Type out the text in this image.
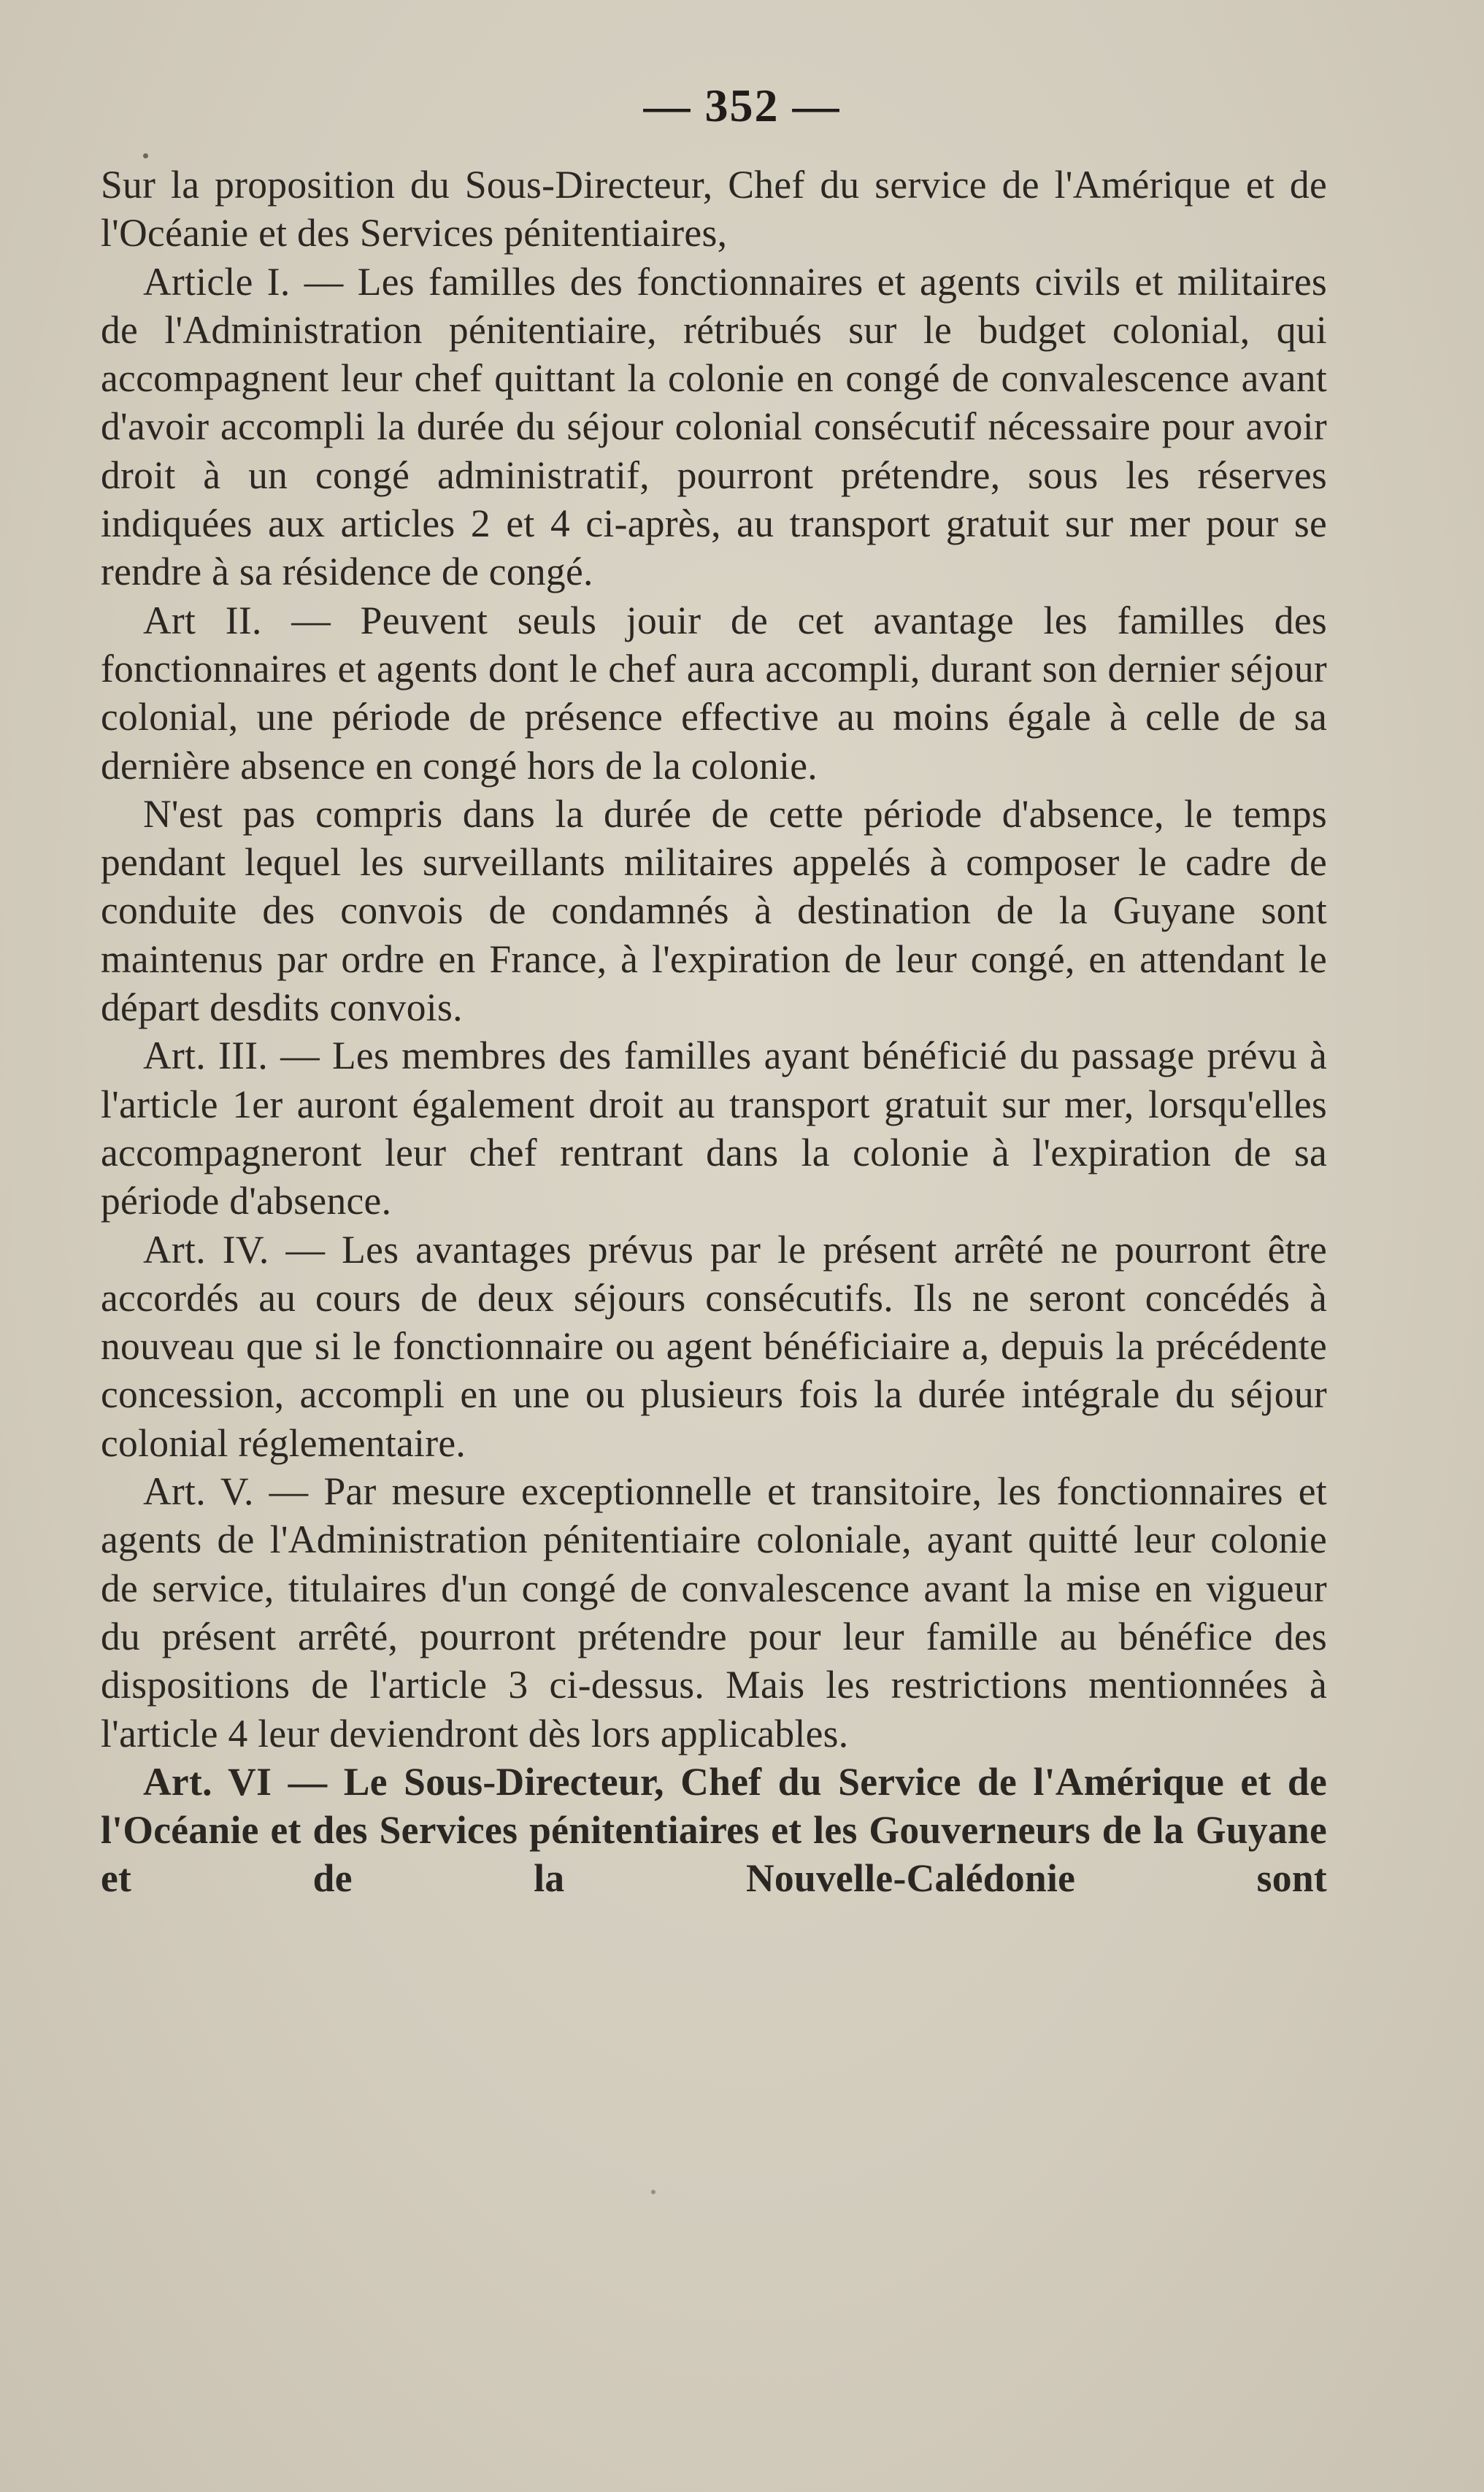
— 352 —

Sur la proposition du Sous-Directeur, Chef du service de l'Amérique et de l'Océanie et des Services pénitentiaires,

Article I. — Les familles des fonctionnaires et agents civils et militaires de l'Administration pénitentiaire, rétribués sur le budget colonial, qui accompagnent leur chef quittant la colonie en congé de convalescence avant d'avoir accompli la durée du séjour colonial consécutif nécessaire pour avoir droit à un congé administratif, pourront prétendre, sous les réserves indiquées aux articles 2 et 4 ci-après, au transport gratuit sur mer pour se rendre à sa résidence de congé.

Art II. — Peuvent seuls jouir de cet avantage les familles des fonctionnaires et agents dont le chef aura accompli, durant son dernier séjour colonial, une période de présence effective au moins égale à celle de sa dernière absence en congé hors de la colonie.

N'est pas compris dans la durée de cette période d'absence, le temps pendant lequel les surveillants militaires appelés à composer le cadre de conduite des convois de condamnés à destination de la Guyane sont maintenus par ordre en France, à l'expiration de leur congé, en attendant le départ desdits convois.

Art. III. — Les membres des familles ayant bénéficié du passage prévu à l'article 1er auront également droit au transport gratuit sur mer, lorsqu'elles accompagneront leur chef rentrant dans la colonie à l'expiration de sa période d'absence.

Art. IV. — Les avantages prévus par le présent arrêté ne pourront être accordés au cours de deux séjours consécutifs. Ils ne seront concédés à nouveau que si le fonctionnaire ou agent bénéficiaire a, depuis la précédente concession, accompli en une ou plusieurs fois la durée intégrale du séjour colonial réglementaire.

Art. V. — Par mesure exceptionnelle et transitoire, les fonctionnaires et agents de l'Administration pénitentiaire coloniale, ayant quitté leur colonie de service, titulaires d'un congé de convalescence avant la mise en vigueur du présent arrêté, pourront prétendre pour leur famille au bénéfice des dispositions de l'article 3 ci-dessus. Mais les restrictions mentionnées à l'article 4 leur deviendront dès lors applicables.

Art. VI — Le Sous-Directeur, Chef du Service de l'Amérique et de l'Océanie et des Services pénitentiaires et les Gouverneurs de la Guyane et de la Nouvelle-Calédonie sont
